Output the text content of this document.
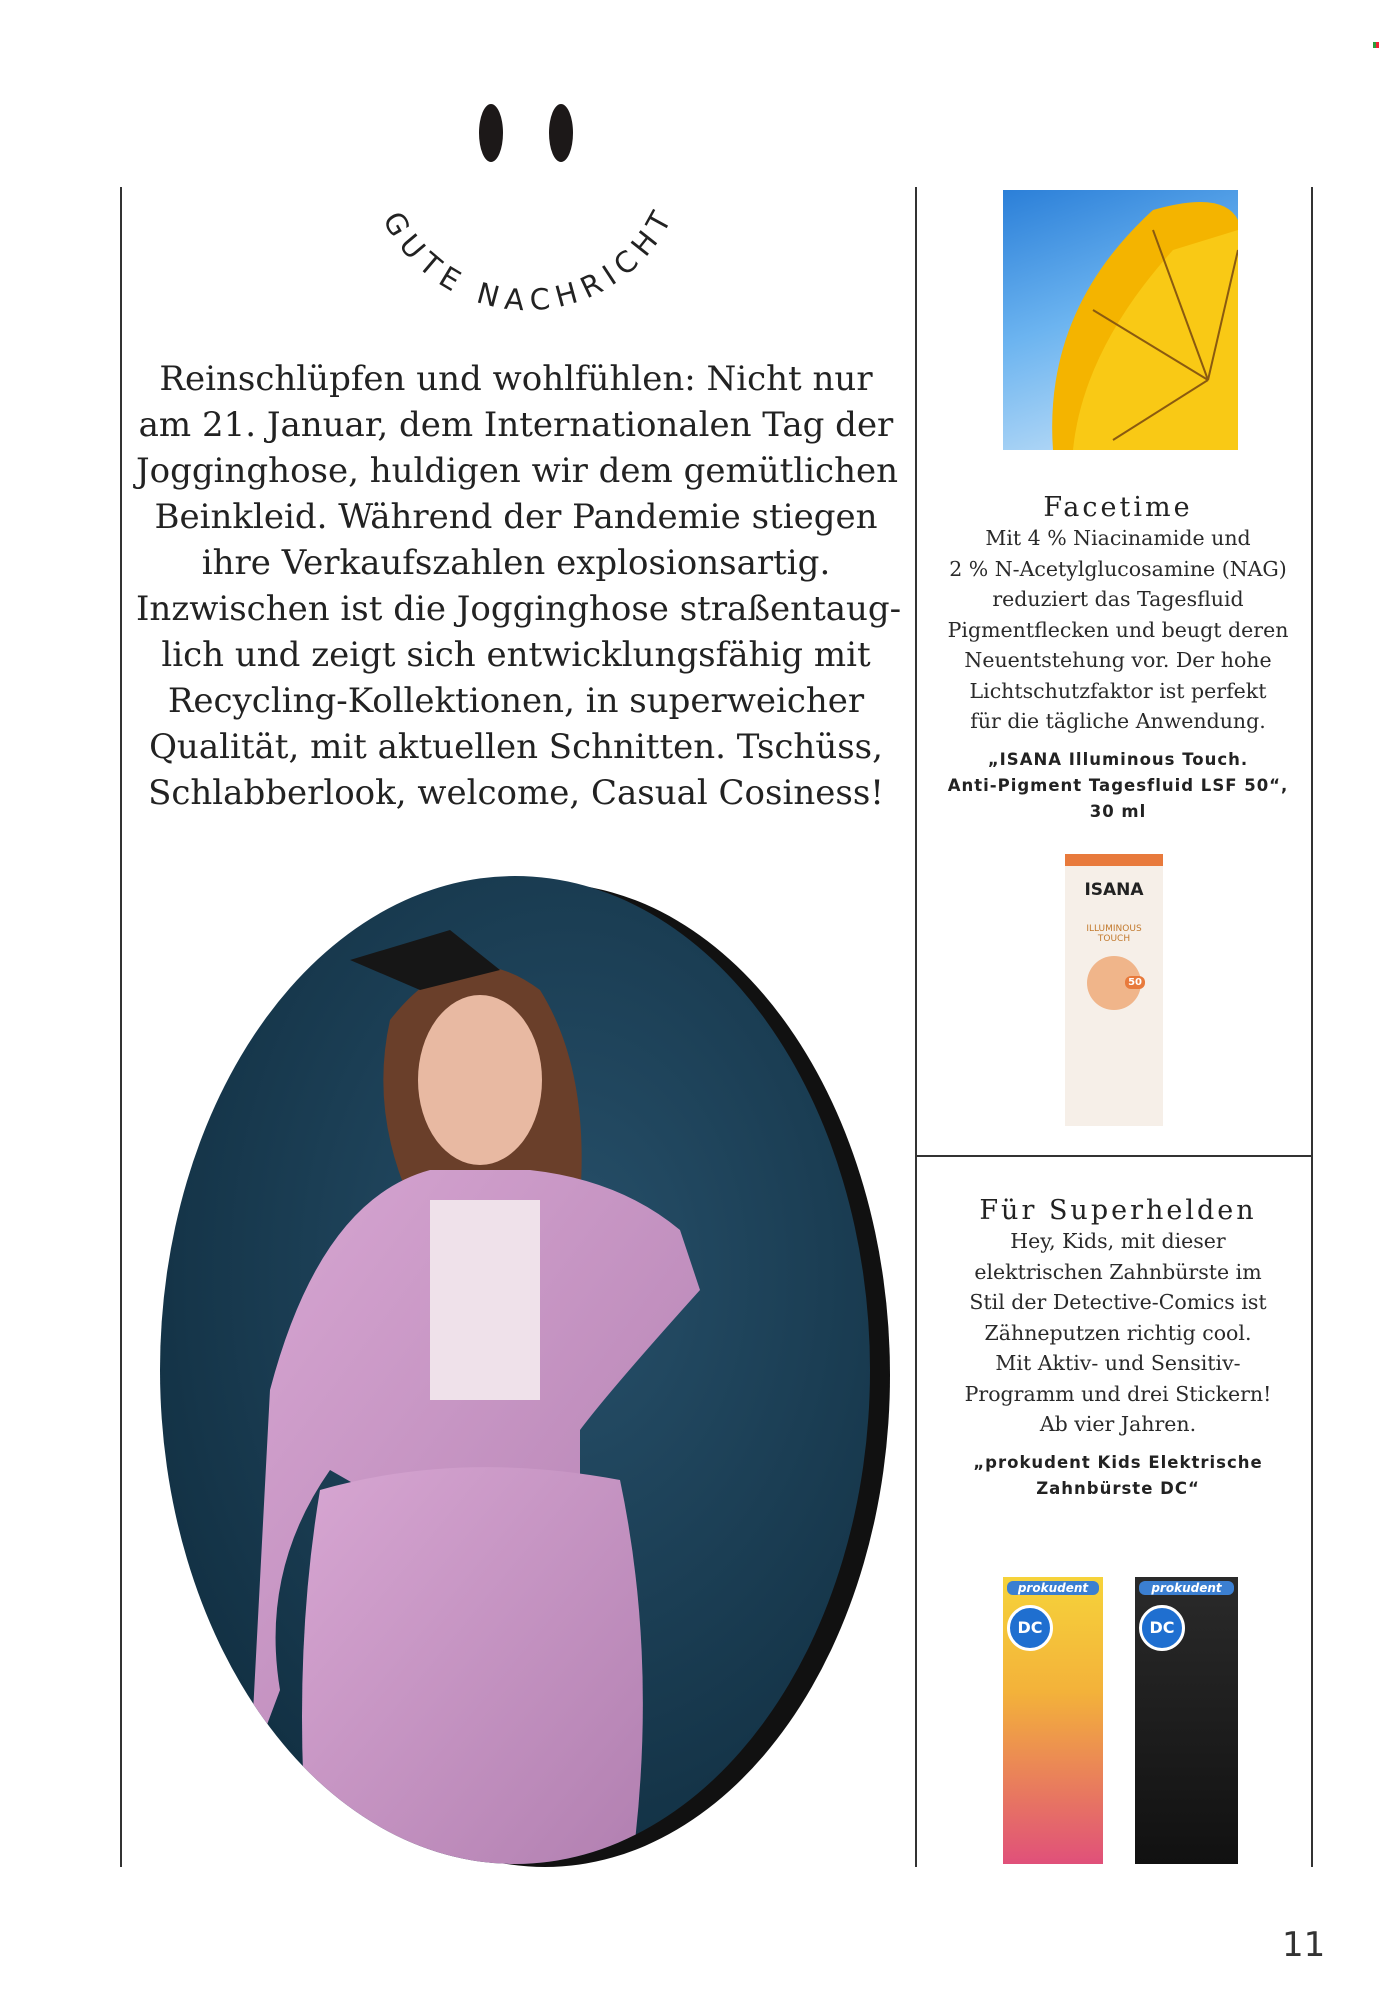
GUTE NACHRICHT
Reinschlüpfen und wohlfühlen: Nicht nur
am 21. Januar, dem Internationalen Tag der
Jogginghose, huldigen wir dem gemütlichen
Beinkleid. Während der Pandemie stiegen
ihre Verkaufszahlen explosionsartig.
Inzwischen ist die Jogginghose straßentaug-
lich und zeigt sich entwicklungsfähig mit
Recycling-Kollektionen, in superweicher
Qualität, mit aktuellen Schnitten. Tschüss,
Schlabberlook, welcome, Casual Cosiness!
Facetime
Mit 4 % Niacinamide und
2 % N-Acetylglucosamine (NAG)
reduziert das Tagesfluid
Pigmentflecken und beugt deren
Neuentstehung vor. Der hohe
Lichtschutzfaktor ist perfekt
für die tägliche Anwendung.
„ISANA Illuminous Touch.
Anti-Pigment Tagesfluid LSF 50“,
30 ml
ISANA
ILLUMINOUS TOUCH
50
Für Superhelden
Hey, Kids, mit dieser
elektrischen Zahnbürste im
Stil der Detective-Comics ist
Zähneputzen richtig cool.
Mit Aktiv- und Sensitiv-
Programm und drei Stickern!
Ab vier Jahren.
„prokudent Kids Elektrische
Zahnbürste DC“
prokudent
DC
prokudent
DC
11
